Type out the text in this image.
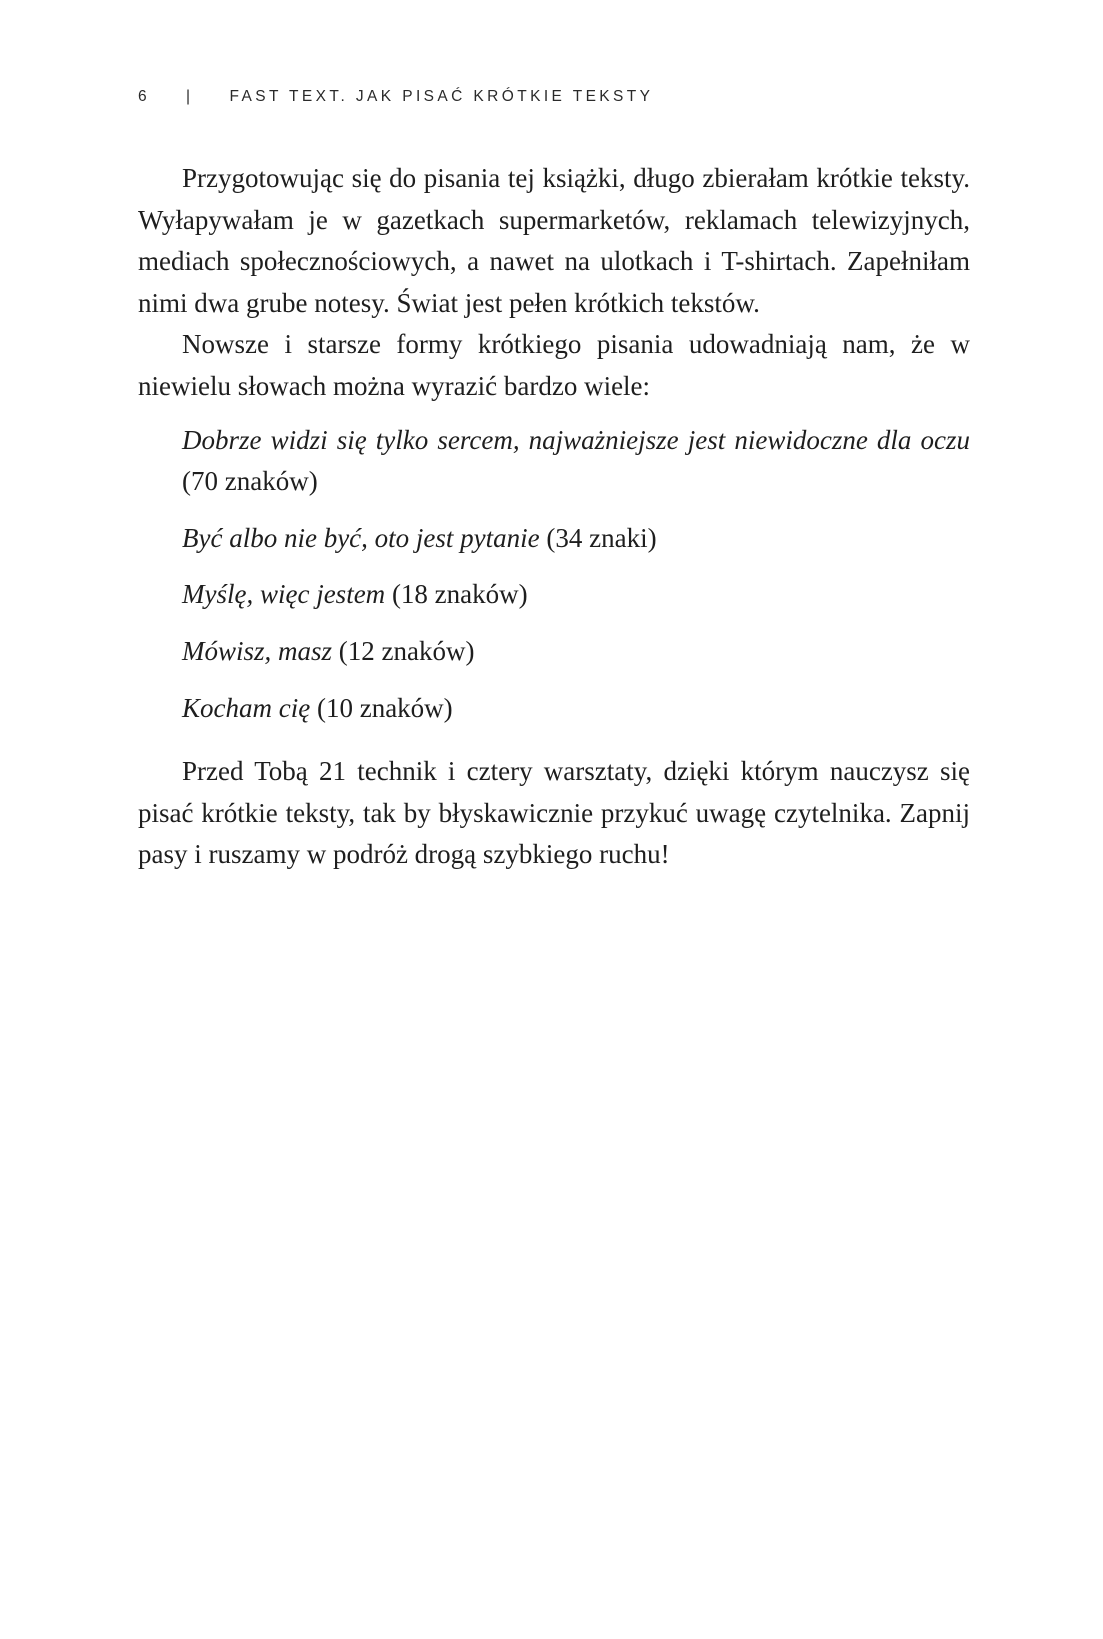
6 | FAST TEXT. JAK PISAĆ KRÓTKIE TEKSTY

Przygotowując się do pisania tej książki, długo zbierałam krótkie teksty. Wyłapywałam je w gazetkach supermarketów, reklamach telewizyjnych, mediach społecznościowych, a nawet na ulotkach i T-shirtach. Zapełniłam nimi dwa grube notesy. Świat jest pełen krótkich tekstów.

Nowsze i starsze formy krótkiego pisania udowadniają nam, że w niewielu słowach można wyrazić bardzo wiele:

Dobrze widzi się tylko sercem, najważniejsze jest niewidoczne dla oczu (70 znaków)
Być albo nie być, oto jest pytanie (34 znaki)
Myślę, więc jestem (18 znaków)
Mówisz, masz (12 znaków)
Kocham cię (10 znaków)

Przed Tobą 21 technik i cztery warsztaty, dzięki którym nauczysz się pisać krótkie teksty, tak by błyskawicznie przykuć uwagę czytelnika. Zapnij pasy i ruszamy w podróż drogą szybkiego ruchu!
